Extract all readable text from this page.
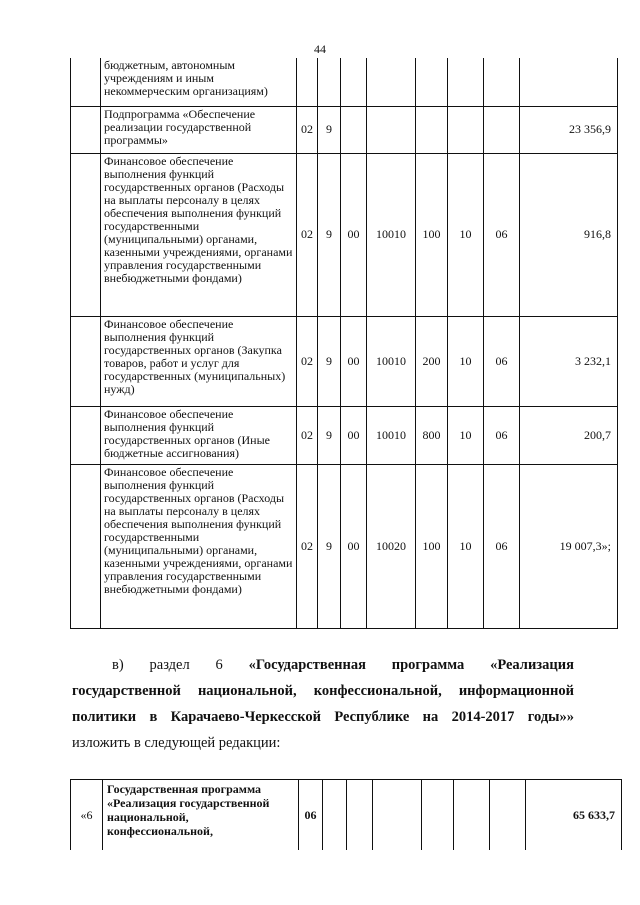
44
	бюджетным, автономным учреждениям и иным некоммерческим организациям)								
	Подпрограмма «Обеспечение реализации государственной программы»	02	9						23 356,9
	Финансовое обеспечение выполнения функций государственных органов (Расходы на выплаты персоналу в целях обеспечения выполнения функций государственными (муниципальными) органами, казенными учреждениями, органами управления государственными внебюджетными фондами)	02	9	00	10010	100	10	06	916,8
	Финансовое обеспечение выполнения функций государственных органов (Закупка товаров, работ и услуг для государственных (муниципальных) нужд)	02	9	00	10010	200	10	06	3 232,1
	Финансовое обеспечение выполнения функций государственных органов (Иные бюджетные ассигнования)	02	9	00	10010	800	10	06	200,7
	Финансовое обеспечение выполнения функций государственных органов (Расходы на выплаты персоналу в целях обеспечения выполнения функций государственными (муниципальными) органами, казенными учреждениями, органами управления государственными внебюджетными фондами)	02	9	00	10020	100	10	06	19 007,3»;
в) раздел 6 «Государственная программа «Реализация
государственной национальной, конфессиональной, информационной
политики в Карачаево-Черкесской Республике на 2014-2017 годы»»
изложить в следующей редакции:
«6	Государственная программа «Реализация государственной национальной, конфессиональной,	06							65 633,7
